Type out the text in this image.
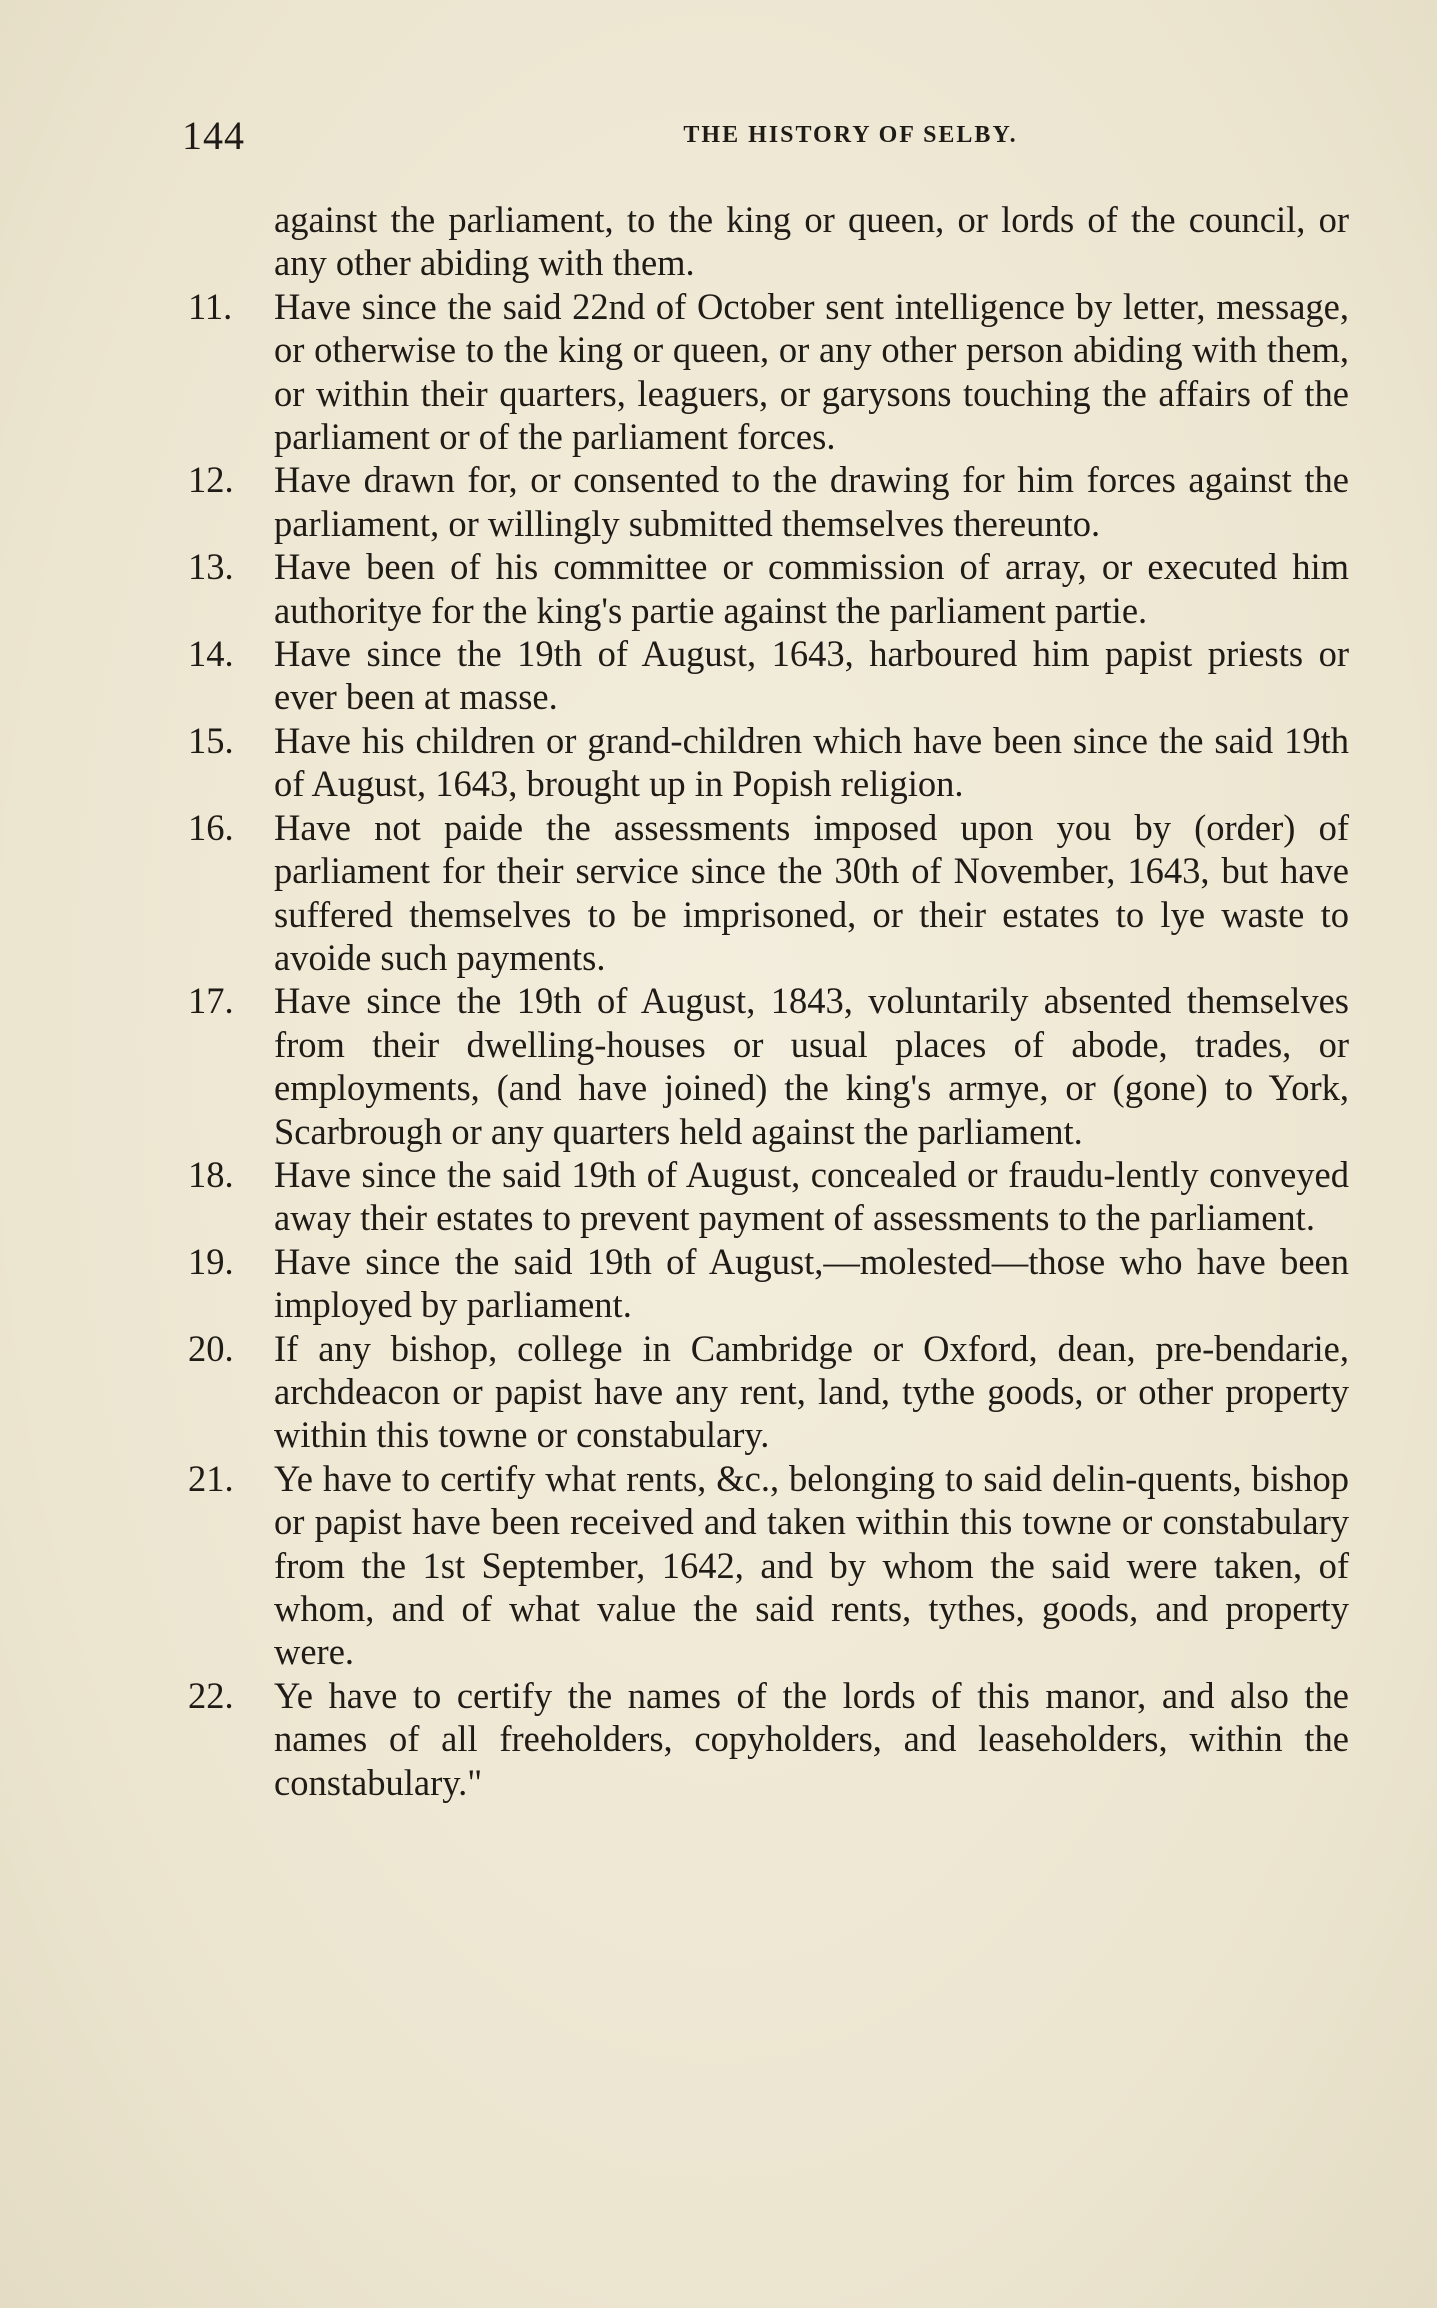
144	THE HISTORY OF SELBY.
against the parliament, to the king or queen, or lords of the council, or any other abiding with them.
11. Have since the said 22nd of October sent intelligence by letter, message, or otherwise to the king or queen, or any other person abiding with them, or within their quarters, leaguers, or garysons touching the affairs of the parliament or of the parliament forces.
12. Have drawn for, or consented to the drawing for him forces against the parliament, or willingly submitted themselves thereunto.
13. Have been of his committee or commission of array, or executed him authoritye for the king's partie against the parliament partie.
14. Have since the 19th of August, 1643, harboured him papist priests or ever been at masse.
15. Have his children or grand-children which have been since the said 19th of August, 1643, brought up in Popish religion.
16. Have not paide the assessments imposed upon you by (order) of parliament for their service since the 30th of November, 1643, but have suffered themselves to be imprisoned, or their estates to lye waste to avoide such payments.
17. Have since the 19th of August, 1843, voluntarily absented themselves from their dwelling-houses or usual places of abode, trades, or employments, (and have joined) the king's armye, or (gone) to York, Scarbrough or any quarters held against the parliament.
18. Have since the said 19th of August, concealed or fraudu-lently conveyed away their estates to prevent payment of assessments to the parliament.
19. Have since the said 19th of August,—molested—those who have been imployed by parliament.
20. If any bishop, college in Cambridge or Oxford, dean, pre-bendarie, archdeacon or papist have any rent, land, tythe goods, or other property within this towne or constabulary.
21. Ye have to certify what rents, &c., belonging to said delin-quents, bishop or papist have been received and taken within this towne or constabulary from the 1st September, 1642, and by whom the said were taken, of whom, and of what value the said rents, tythes, goods, and property were.
22. Ye have to certify the names of the lords of this manor, and also the names of all freeholders, copyholders, and leaseholders, within the constabulary."
